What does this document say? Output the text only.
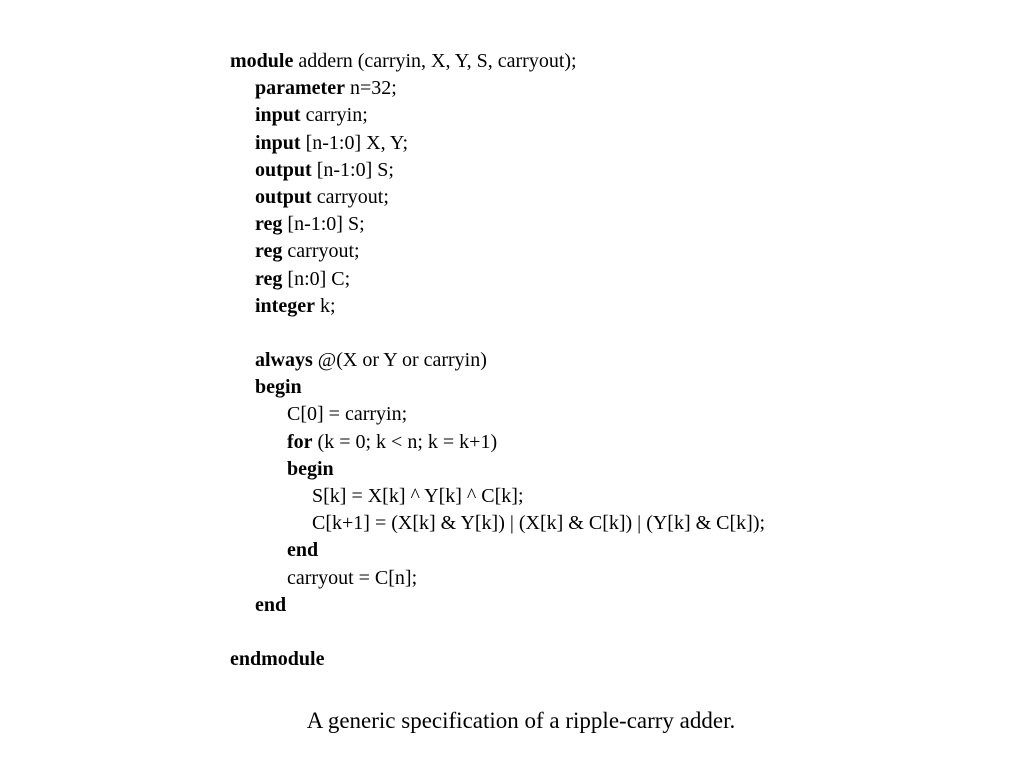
module addern (carryin, X, Y, S, carryout);
parameter n=32;
input carryin;
input [n-1:0] X, Y;
output [n-1:0] S;
output carryout;
reg [n-1:0] S;
reg carryout;
reg [n:0] C;
integer k;
always @(X or Y or carryin)
begin
C[0] = carryin;
for (k = 0; k < n; k = k+1)
begin
S[k] = X[k] ^ Y[k] ^ C[k];
C[k+1] = (X[k] & Y[k]) | (X[k] & C[k]) | (Y[k] & C[k]);
end
carryout = C[n];
end
endmodule

A generic specification of a ripple-carry adder.
